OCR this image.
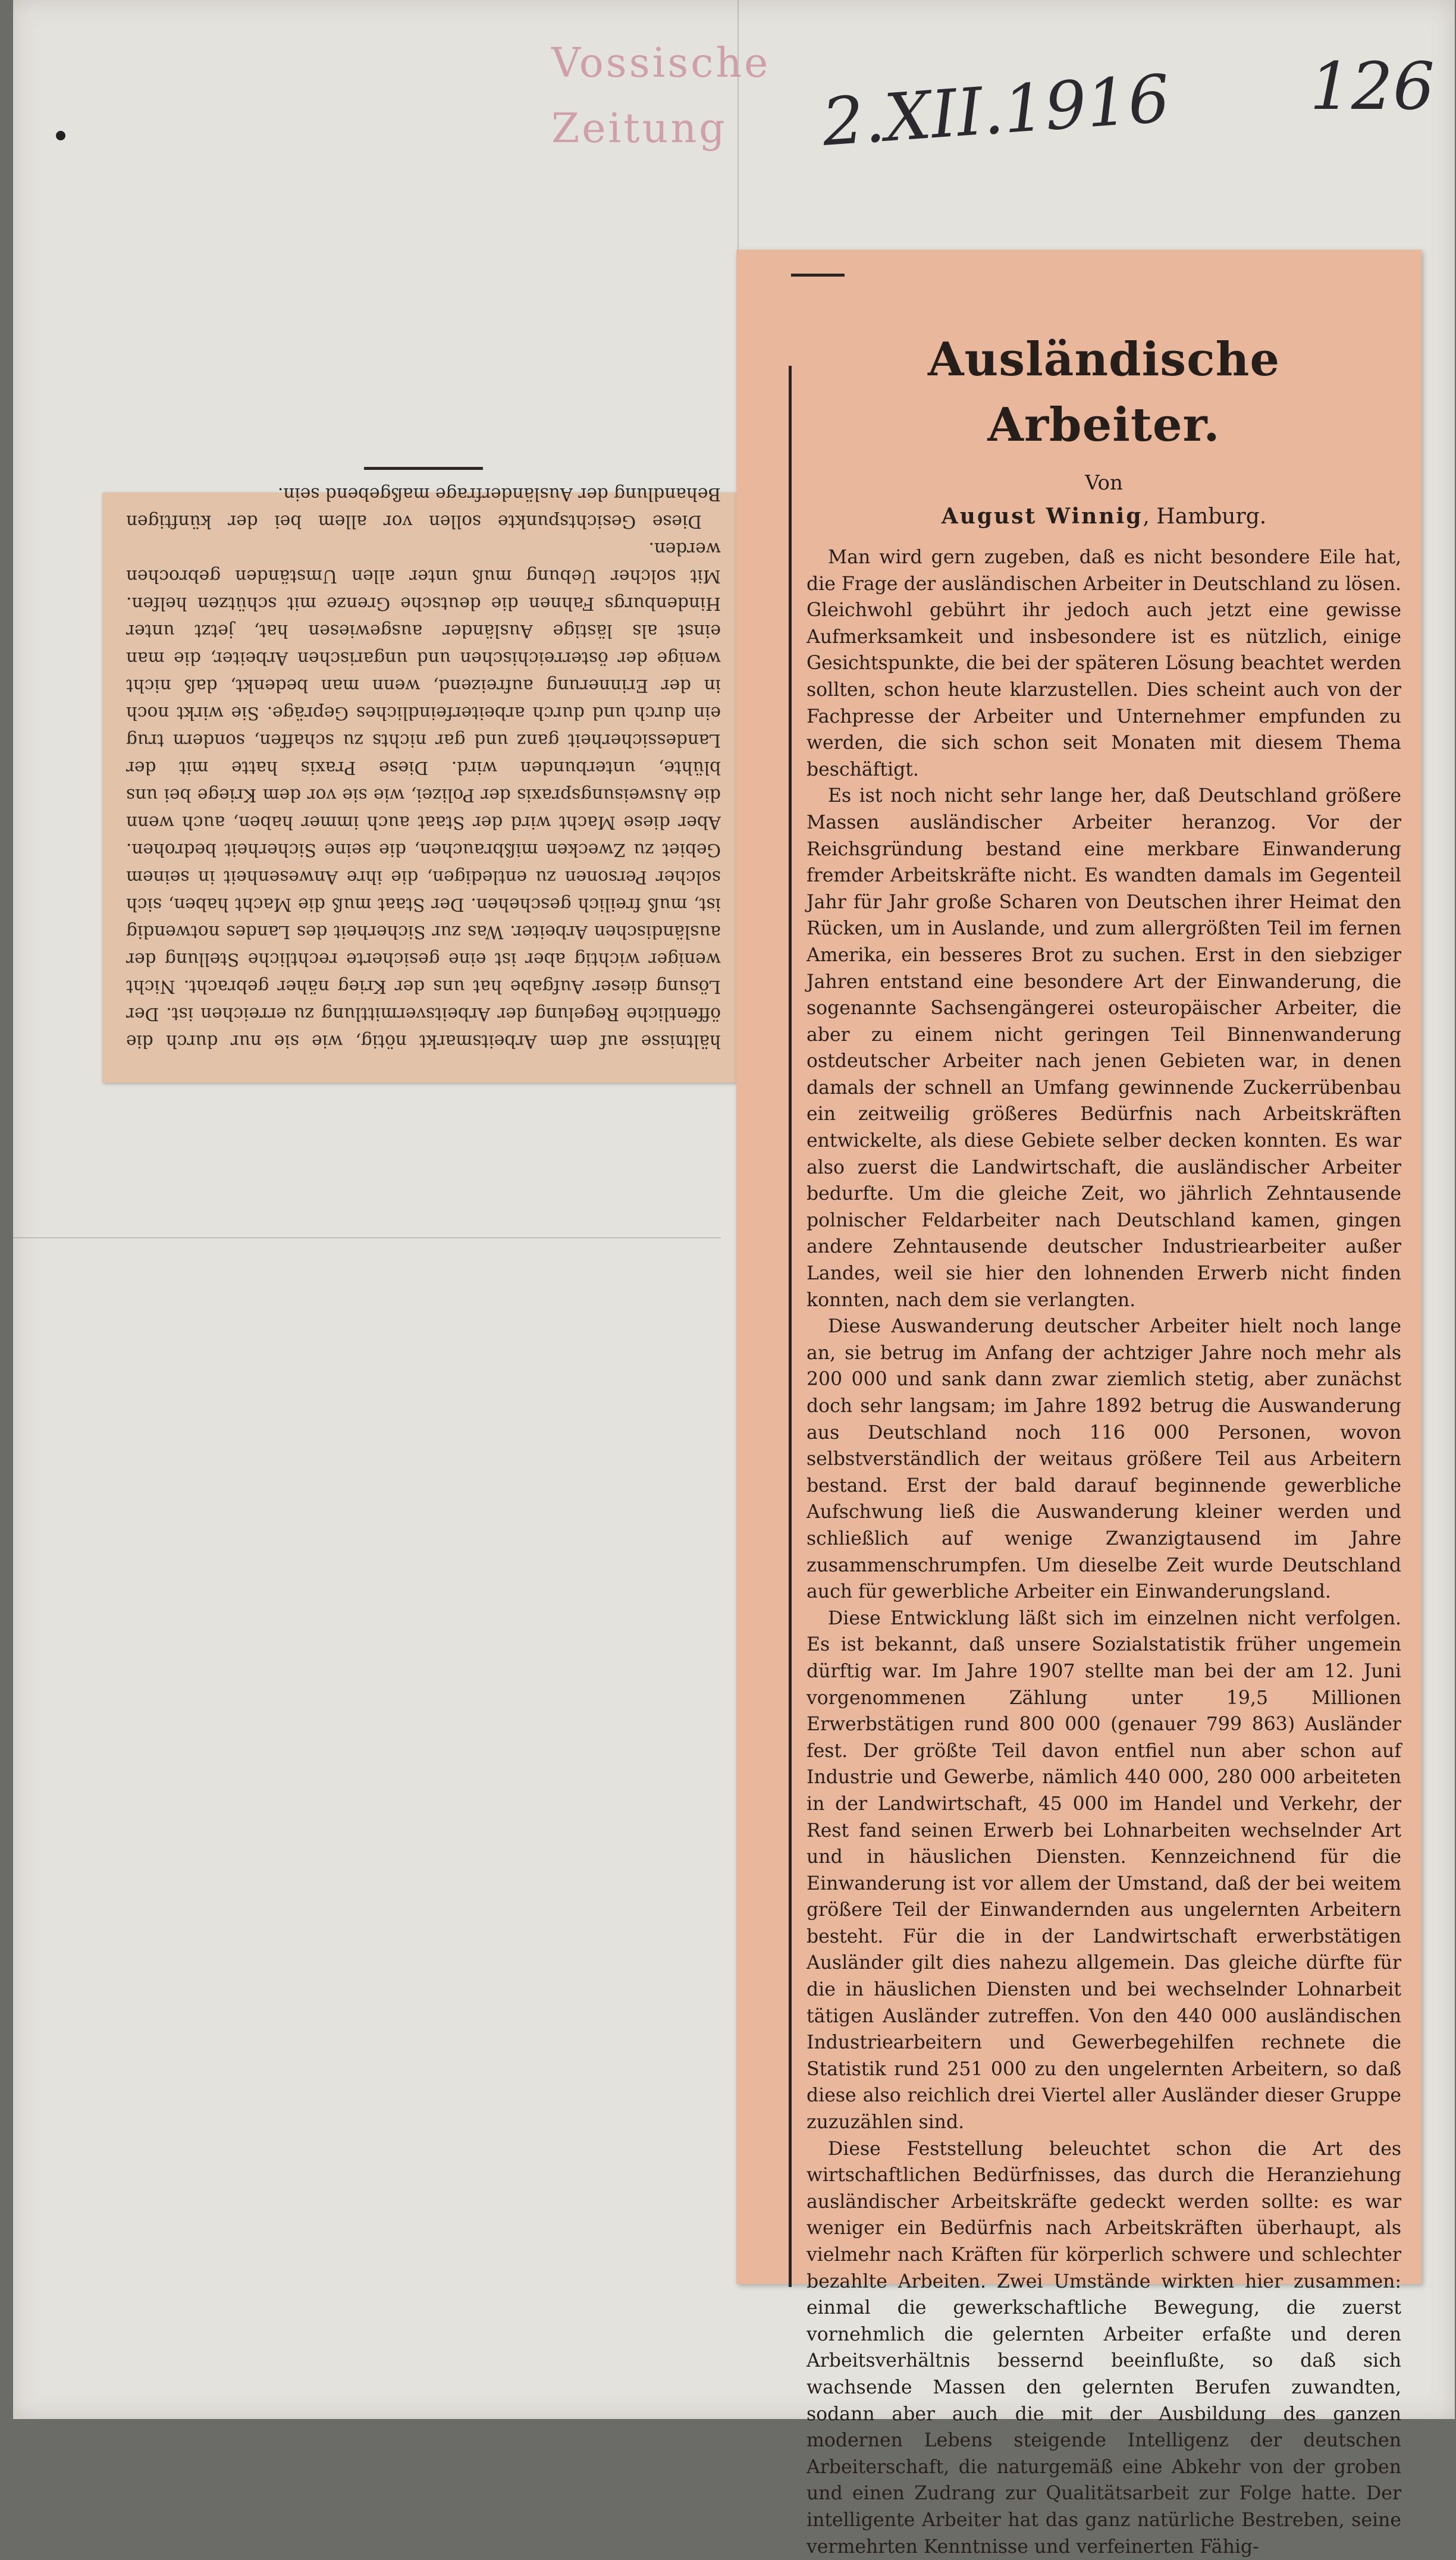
Vossische Zeitung	2.XII.1916 126
hältnisse auf dem Arbeitsmarkt nötig, wie sie nur durch die öffentliche Regelung der Arbeitsvermittlung zu erreichen ist. Der Lösung dieser Aufgabe hat uns der Krieg näher gebracht. Nicht weniger wichtig aber ist eine gesicherte rechtliche Stellung der ausländischen Arbeiter. Was zur Sicherheit des Landes notwendig ist, muß freilich geschehen. Der Staat muß die Macht haben, sich solcher Personen zu entledigen, die ihre Anwesenheit in seinem Gebiet zu Zwecken mißbrauchen, die seine Sicherheit bedrohen. Aber diese Macht wird der Staat auch immer haben, auch wenn die Ausweisungspraxis der Polizei, wie sie vor dem Kriege bei uns blühte, unterbunden wird. Diese Praxis hatte mit der Landessicherheit ganz und gar nichts zu schaffen, sondern trug ein durch und durch arbeiterfeindliches Gepräge. Sie wirkt noch in der Erinnerung aufreizend, wenn man bedenkt, daß nicht wenige der österreichischen und ungarischen Arbeiter, die man einst als lästige Ausländer ausgewiesen hat, jetzt unter Hindenburgs Fahnen die deutsche Grenze mit schützen helfen. Mit solcher Uebung muß unter allen Umständen gebrochen werden.
Diese Gesichtspunkte sollen vor allem bei der künftigen Behandlung der Ausländerfrage maßgebend sein.
Ausländische Arbeiter.
Von
August Winnig, Hamburg.

Man wird gern zugeben, daß es nicht besondere Eile hat, die Frage der ausländischen Arbeiter in Deutschland zu lösen. Gleichwohl gebührt ihr jedoch auch jetzt eine gewisse Aufmerksamkeit und insbesondere ist es nützlich, einige Gesichtspunkte, die bei der späteren Lösung beachtet werden sollten, schon heute klarzustellen. Dies scheint auch von der Fachpresse der Arbeiter und Unternehmer empfunden zu werden, die sich schon seit Monaten mit diesem Thema beschäftigt.

Es ist noch nicht sehr lange her, daß Deutschland größere Massen ausländischer Arbeiter heranzog. Vor der Reichsgründung bestand eine merkbare Einwanderung fremder Arbeitskräfte nicht. Es wandten damals im Gegenteil Jahr für Jahr große Scharen von Deutschen ihrer Heimat den Rücken, um in Auslande, und zum allergrößten Teil im fernen Amerika, ein besseres Brot zu suchen. Erst in den siebziger Jahren entstand eine besondere Art der Einwanderung, die sogenannte Sachsengängerei osteuropäischer Arbeiter, die aber zu einem nicht geringen Teil Binnenwanderung ostdeutscher Arbeiter nach jenen Gebieten war, in denen damals der schnell an Umfang gewinnende Zuckerrübenbau ein zeitweilig größeres Bedürfnis nach Arbeitskräften entwickelte, als diese Gebiete selber decken konnten. Es war also zuerst die Landwirtschaft, die ausländischer Arbeiter bedurfte. Um die gleiche Zeit, wo jährlich Zehntausende polnischer Feldarbeiter nach Deutschland kamen, gingen andere Zehntausende deutscher Industriearbeiter außer Landes, weil sie hier den lohnenden Erwerb nicht finden konnten, nach dem sie verlangten.

Diese Auswanderung deutscher Arbeiter hielt noch lange an, sie betrug im Anfang der achtziger Jahre noch mehr als 200 000 und sank dann zwar ziemlich stetig, aber zunächst doch sehr langsam; im Jahre 1892 betrug die Auswanderung aus Deutschland noch 116 000 Personen, wovon selbstverständlich der weitaus größere Teil aus Arbeitern bestand. Erst der bald darauf beginnende gewerbliche Aufschwung ließ die Auswanderung kleiner werden und schließlich auf wenige Zwanzigtausend im Jahre zusammenschrumpfen. Um dieselbe Zeit wurde Deutschland auch für gewerbliche Arbeiter ein Einwanderungsland.

Diese Entwicklung läßt sich im einzelnen nicht verfolgen. Es ist bekannt, daß unsere Sozialstatistik früher ungemein dürftig war. Im Jahre 1907 stellte man bei der am 12. Juni vorgenommenen Zählung unter 19,5 Millionen Erwerbstätigen rund 800 000 (genauer 799 863) Ausländer fest. Der größte Teil davon entfiel nun aber schon auf Industrie und Gewerbe, nämlich 440 000, 280 000 arbeiteten in der Landwirtschaft, 45 000 im Handel und Verkehr, der Rest fand seinen Erwerb bei Lohnarbeiten wechselnder Art und in häuslichen Diensten. Kennzeichnend für die Einwanderung ist vor allem der Umstand, daß der bei weitem größere Teil der Einwandernden aus ungelernten Arbeitern besteht. Für die in der Landwirtschaft erwerbstätigen Ausländer gilt dies nahezu allgemein. Das gleiche dürfte für die in häuslichen Diensten und bei wechselnder Lohnarbeit tätigen Ausländer zutreffen. Von den 440 000 ausländischen Industriearbeitern und Gewerbegehilfen rechnete die Statistik rund 251 000 zu den ungelernten Arbeitern, so daß diese also reichlich drei Viertel aller Ausländer dieser Gruppe zuzuzählen sind.

Diese Feststellung beleuchtet schon die Art des wirtschaftlichen Bedürfnisses, das durch die Heranziehung ausländischer Arbeitskräfte gedeckt werden sollte: es war weniger ein Bedürfnis nach Arbeitskräften überhaupt, als vielmehr nach Kräften für körperlich schwere und schlechter bezahlte Arbeiten. Zwei Umstände wirkten hier zusammen: einmal die gewerkschaftliche Bewegung, die zuerst vornehmlich die gelernten Arbeiter erfaßte und deren Arbeitsverhältnis bessernd beeinflußte, so daß sich wachsende Massen den gelernten Berufen zuwandten, sodann aber auch die mit der Ausbildung des ganzen modernen Lebens steigende Intelligenz der deutschen Arbeiterschaft, die naturgemäß eine Abkehr von der groben und einen Zudrang zur Qualitätsarbeit zur Folge hatte. Der intelligente Arbeiter hat das ganz natürliche Bestreben, seine vermehrten Kenntnisse und verfeinerten Fähig-
